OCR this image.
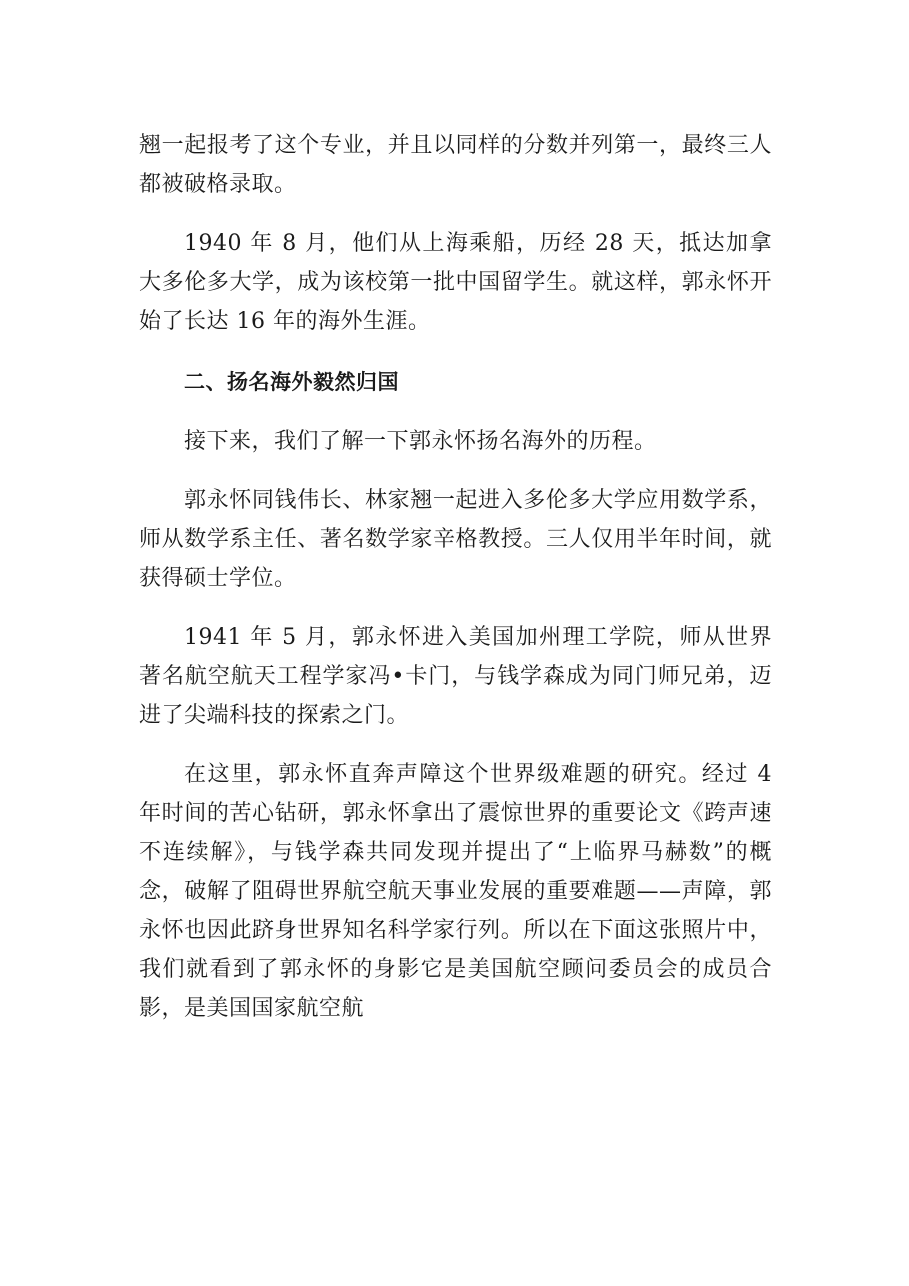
翘一起报考了这个专业，并且以同样的分数并列第一，最终三人都被破格录取。

1940 年 8 月，他们从上海乘船，历经 28 天，抵达加拿大多伦多大学，成为该校第一批中国留学生。就这样，郭永怀开始了长达 16 年的海外生涯。

二、扬名海外毅然归国

接下来，我们了解一下郭永怀扬名海外的历程。

郭永怀同钱伟长、林家翘一起进入多伦多大学应用数学系，师从数学系主任、著名数学家辛格教授。三人仅用半年时间，就获得硕士学位。

1941 年 5 月，郭永怀进入美国加州理工学院，师从世界著名航空航天工程学家冯•卡门，与钱学森成为同门师兄弟，迈进了尖端科技的探索之门。

在这里，郭永怀直奔声障这个世界级难题的研究。经过 4 年时间的苦心钻研，郭永怀拿出了震惊世界的重要论文《跨声速不连续解》，与钱学森共同发现并提出了“上临界马赫数”的概念，破解了阻碍世界航空航天事业发展的重要难题——声障，郭永怀也因此跻身世界知名科学家行列。所以在下面这张照片中，我们就看到了郭永怀的身影它是美国航空顾问委员会的成员合影，是美国国家航空航
